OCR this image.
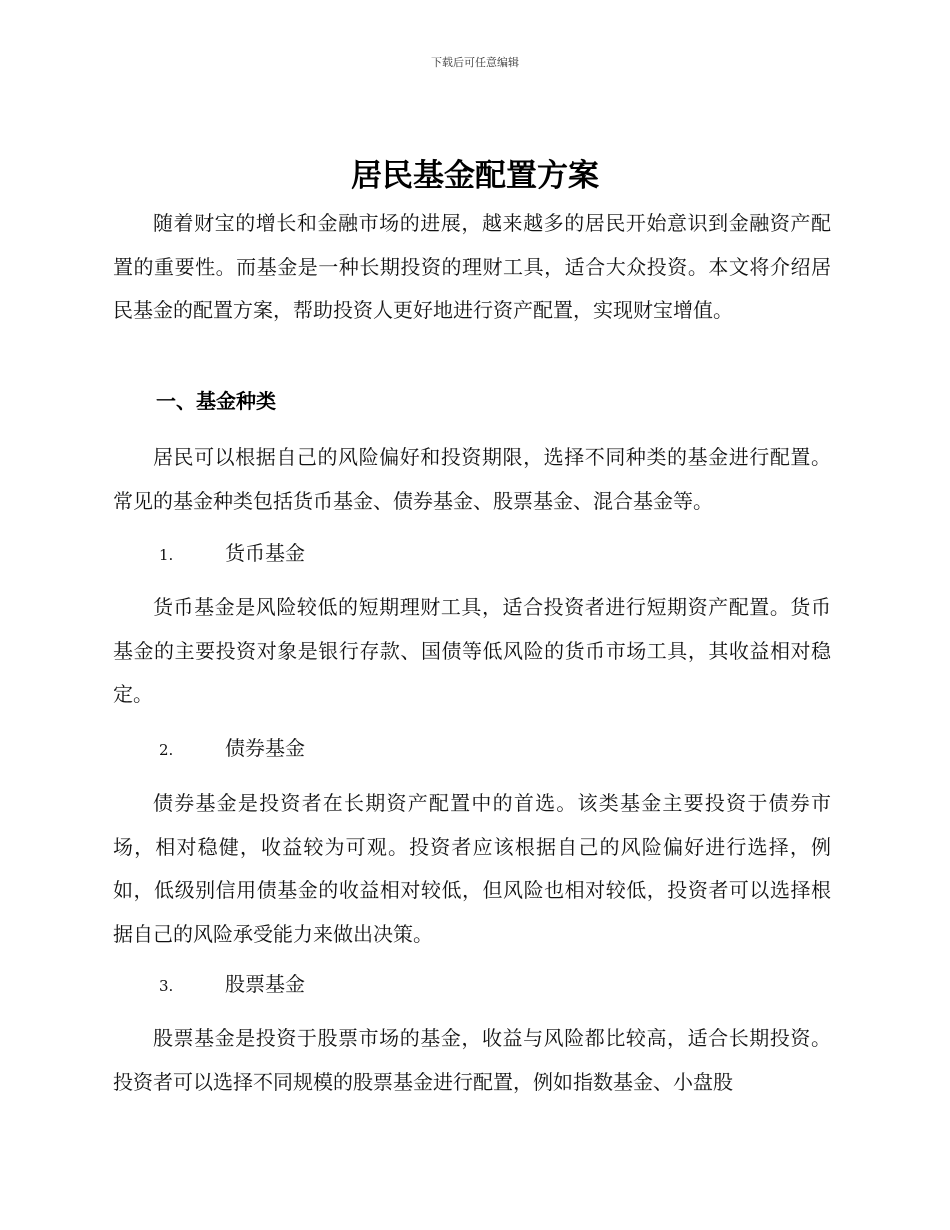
下载后可任意编辑
居民基金配置方案

随着财宝的增长和金融市场的进展，越来越多的居民开始意识到金融资产配置的重要性。而基金是一种长期投资的理财工具，适合大众投资。本文将介绍居民基金的配置方案，帮助投资人更好地进行资产配置，实现财宝增值。

一、基金种类

居民可以根据自己的风险偏好和投资期限，选择不同种类的基金进行配置。常见的基金种类包括货币基金、债券基金、股票基金、混合基金等。

1.	货币基金

货币基金是风险较低的短期理财工具，适合投资者进行短期资产配置。货币基金的主要投资对象是银行存款、国债等低风险的货币市场工具，其收益相对稳定。

2.	债券基金

债券基金是投资者在长期资产配置中的首选。该类基金主要投资于债券市场，相对稳健，收益较为可观。投资者应该根据自己的风险偏好进行选择，例如，低级别信用债基金的收益相对较低，但风险也相对较低，投资者可以选择根据自己的风险承受能力来做出决策。

3.	股票基金

股票基金是投资于股票市场的基金，收益与风险都比较高，适合长期投资。投资者可以选择不同规模的股票基金进行配置，例如指数基金、小盘股
